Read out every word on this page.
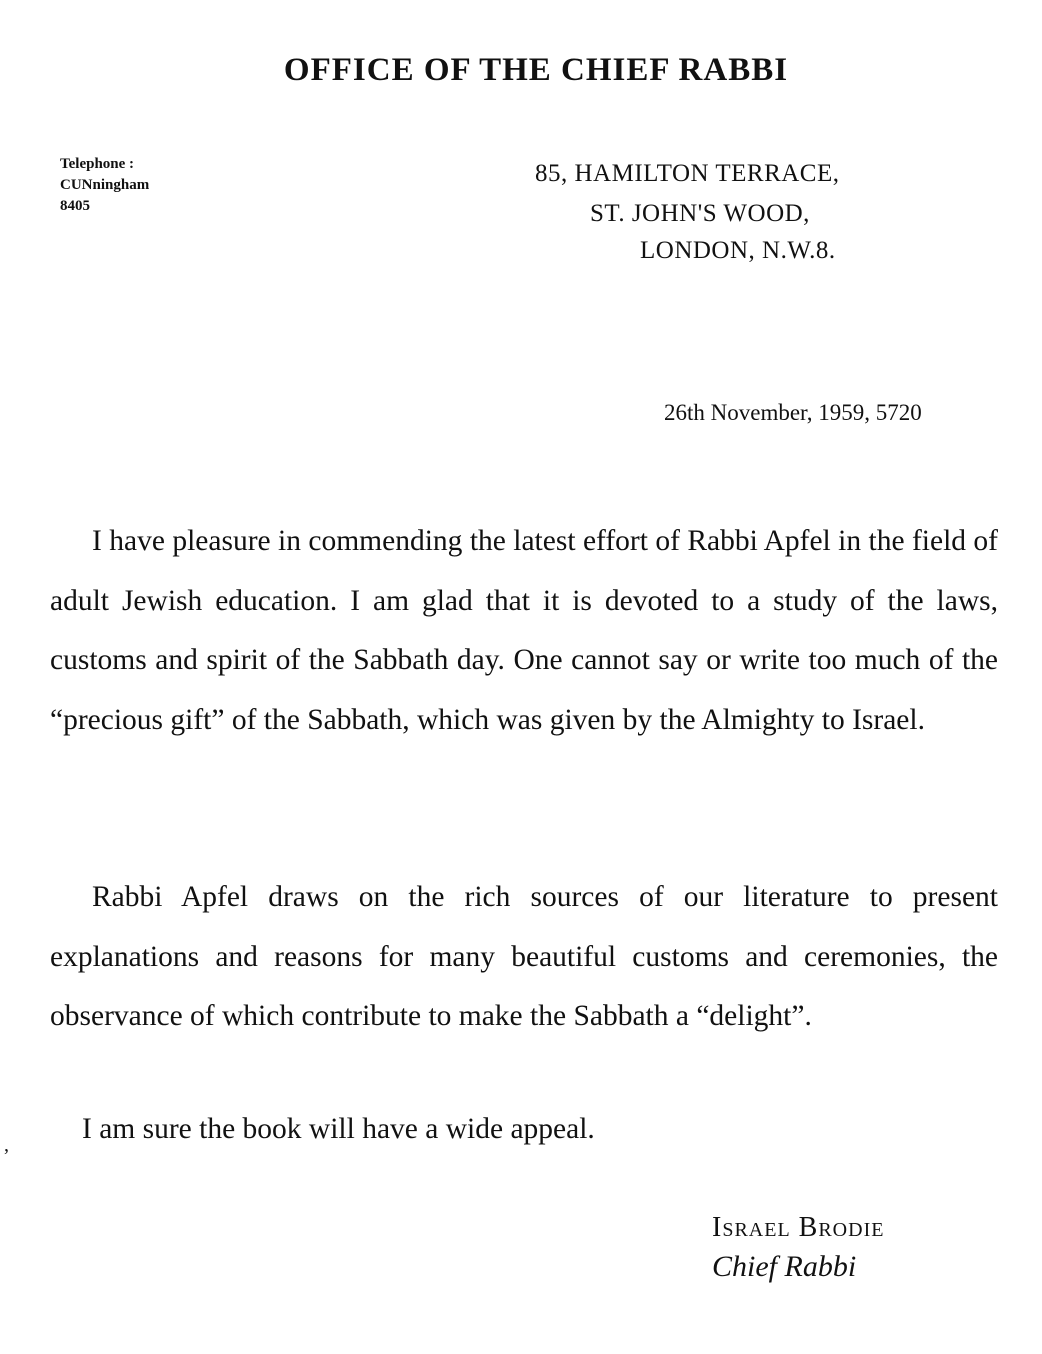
OFFICE OF THE CHIEF RABBI
Telephone :
CUNningham
8405
85, HAMILTON TERRACE,
ST. JOHN'S WOOD,
LONDON, N.W.8.
26th November, 1959, 5720
I have pleasure in commending the latest effort of Rabbi Apfel in the field of adult Jewish education. I am glad that it is devoted to a study of the laws, customs and spirit of the Sabbath day. One cannot say or write too much of the “precious gift” of the Sabbath, which was given by the Almighty to Israel.
Rabbi Apfel draws on the rich sources of our literature to present explanations and reasons for many beautiful customs and ceremonies, the observance of which contribute to make the Sabbath a “delight”.
I am sure the book will have a wide appeal.
,
Israel Brodie
Chief Rabbi
